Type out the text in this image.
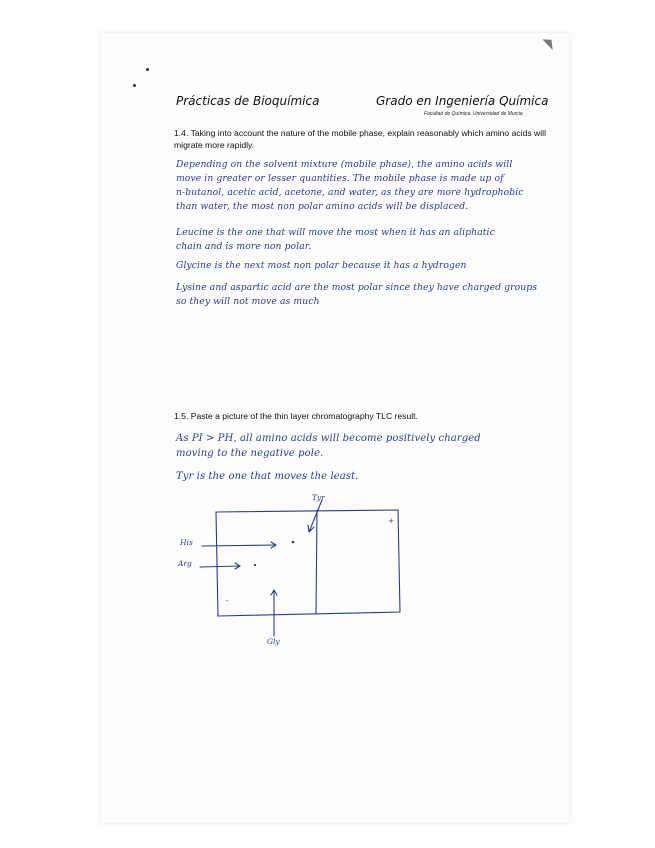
Prácticas de Bioquímica	Grado en Ingeniería Química
Facultad de Química. Universidad de Murcia
1.4. Taking into account the nature of the mobile phase, explain reasonably which amino acids will migrate more rapidly.
Depending on the solvent mixture (mobile phase), the amino acids will
move in greater or lesser quantities. The mobile phase is made up of
n-butanol, acetic acid, acetone, and water, as they are more hydrophobic
than water, the most non polar amino acids will be displaced.
Leucine is the one that will move the most when it has an aliphatic
chain and is more non polar.
Glycine is the next most non polar because it has a hydrogen
Lysine and aspartic acid are the most polar since they have charged groups
so they will not move as much
1.5. Paste a picture of the thin layer chromatography TLC result.
As PI > PH, all amino acids will become positively charged
moving to the negative pole.
Tyr is the one that moves the least.
Tyr
His
Arg
Gly
+
-
